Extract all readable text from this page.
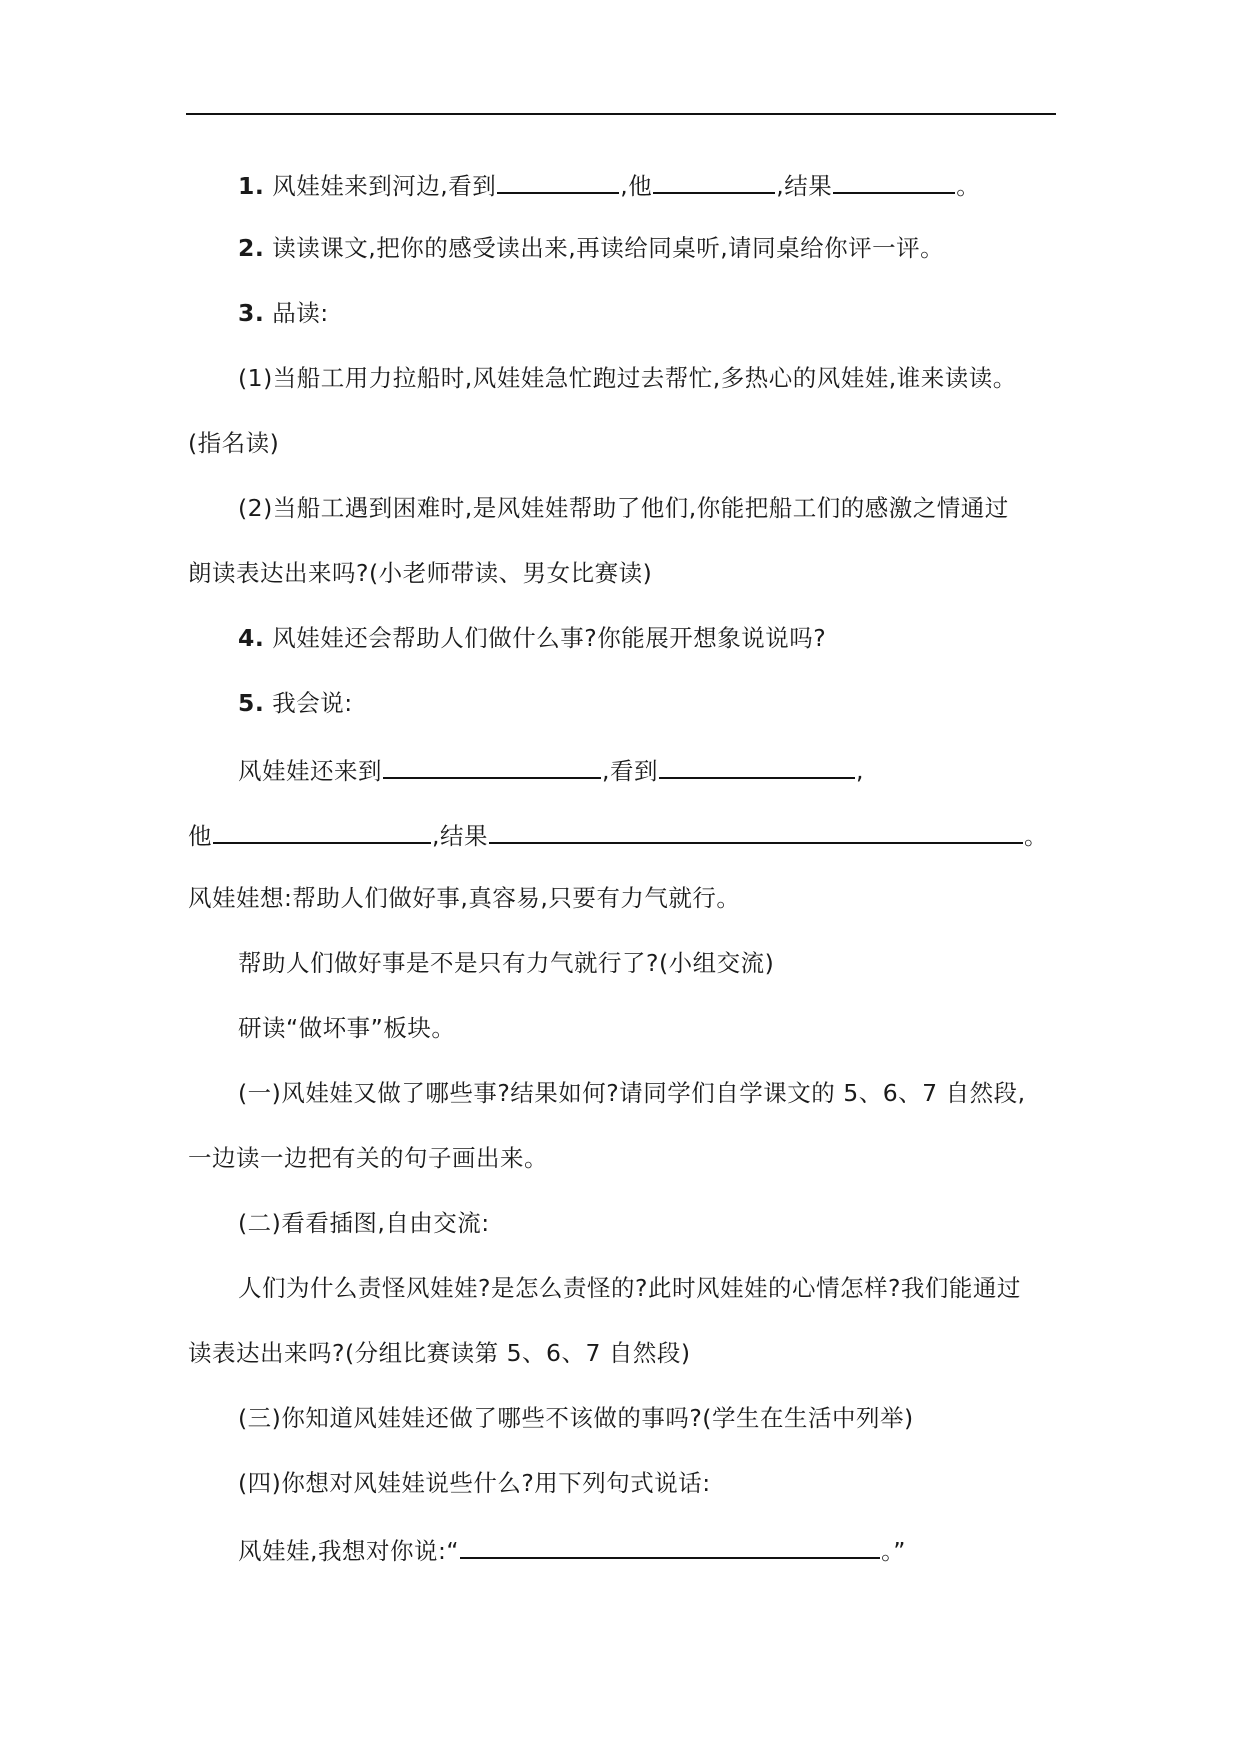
1. 风娃娃来到河边,看到	,他	,结果	。
2. 读读课文,把你的感受读出来,再读给同桌听,请同桌给你评一评。
3. 品读:
(1)当船工用力拉船时,风娃娃急忙跑过去帮忙,多热心的风娃娃,谁来读读。
(指名读)
(2)当船工遇到困难时,是风娃娃帮助了他们,你能把船工们的感激之情通过
朗读表达出来吗?(小老师带读、男女比赛读)
4. 风娃娃还会帮助人们做什么事?你能展开想象说说吗?
5. 我会说:
风娃娃还来到	,看到	,
他	,结果	。
风娃娃想:帮助人们做好事,真容易,只要有力气就行。
帮助人们做好事是不是只有力气就行了?(小组交流)
研读“做坏事”板块。
(一)风娃娃又做了哪些事?结果如何?请同学们自学课文的 5、6、7 自然段,
一边读一边把有关的句子画出来。
(二)看看插图,自由交流:
人们为什么责怪风娃娃?是怎么责怪的?此时风娃娃的心情怎样?我们能通过
读表达出来吗?(分组比赛读第 5、6、7 自然段)
(三)你知道风娃娃还做了哪些不该做的事吗?(学生在生活中列举)
(四)你想对风娃娃说些什么?用下列句式说话:
风娃娃,我想对你说:“	。”
